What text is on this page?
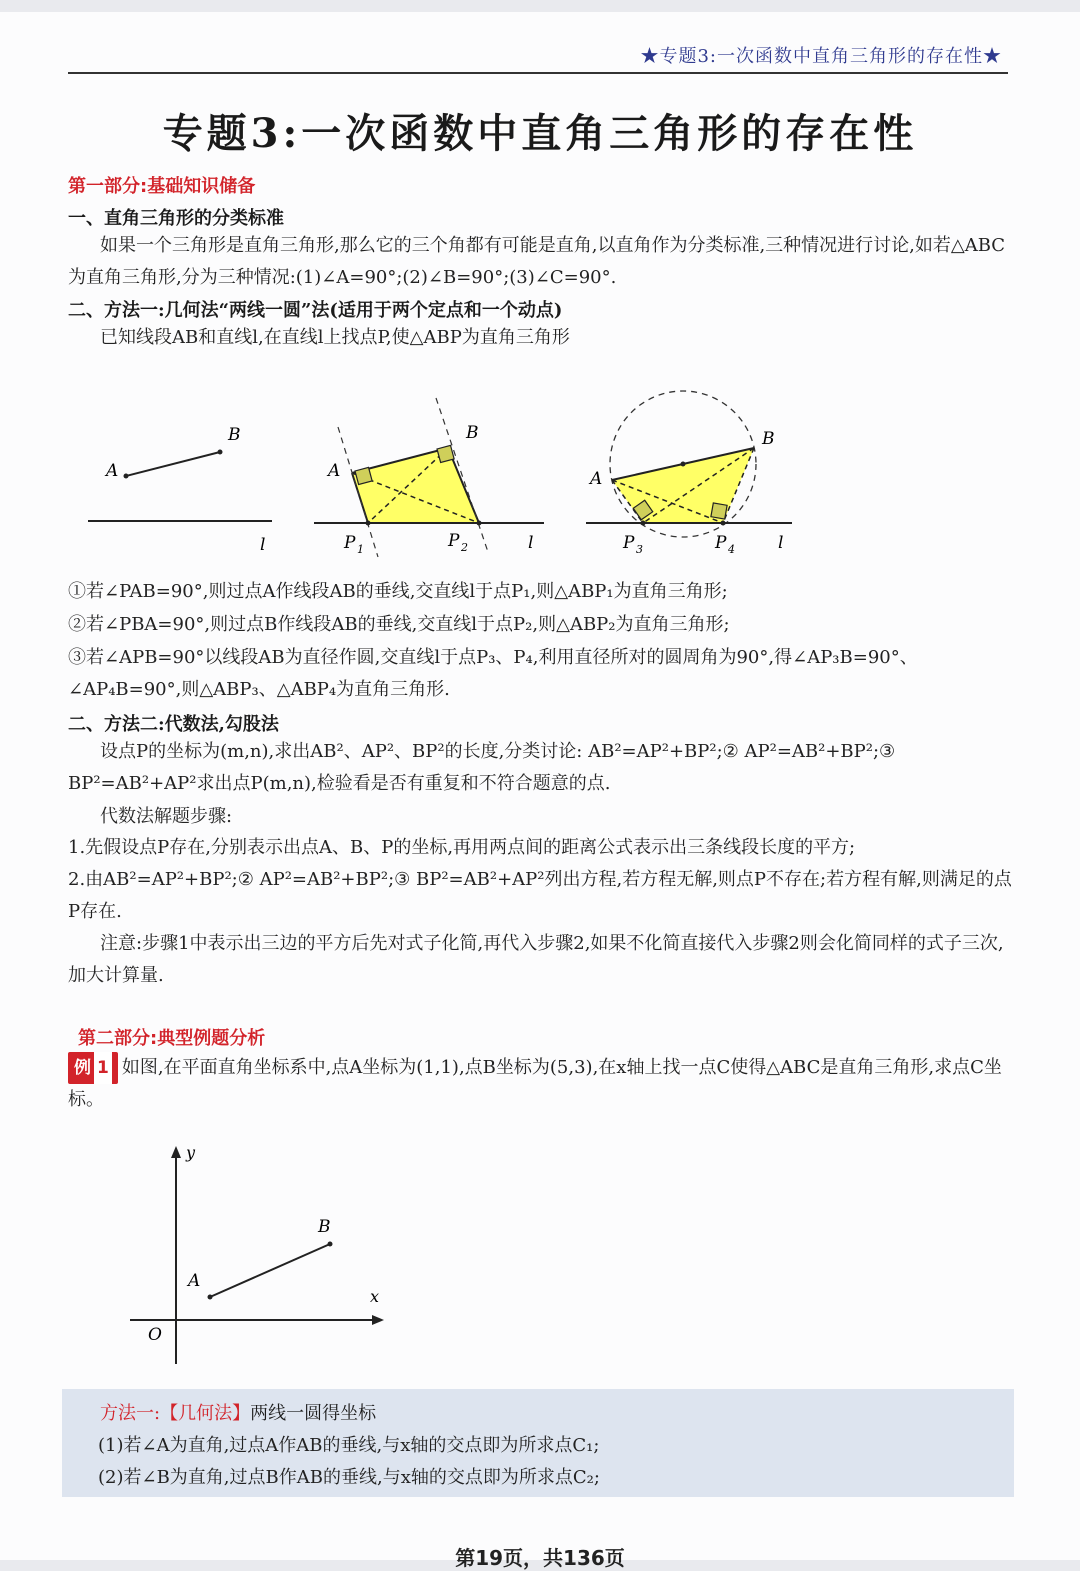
★专题3:一次函数中直角三角形的存在性★
专题3:一次函数中直角三角形的存在性
第一部分:基础知识储备
一、直角三角形的分类标准
如果一个三角形是直角三角形,那么它的三个角都有可能是直角,以直角作为分类标准,三种情况进行讨论,如若△ABC为直角三角形,分为三种情况:(1)∠A=90°;(2)∠B=90°;(3)∠C=90°.
二、方法一:几何法“两线一圆”法(适用于两个定点和一个动点)
已知线段AB和直线l,在直线l上找点P,使△ABP为直角三角形
A
B
l
A
B
P 1	P 2	l
A
B
P 3	P 4	l
①若∠PAB=90°,则过点A作线段AB的垂线,交直线l于点P₁,则△ABP₁为直角三角形;
②若∠PBA=90°,则过点B作线段AB的垂线,交直线l于点P₂,则△ABP₂为直角三角形;
③若∠APB=90°以线段AB为直径作圆,交直线l于点P₃、P₄,利用直径所对的圆周角为90°,得∠AP₃B=90°、∠AP₄B=90°,则△ABP₃、△ABP₄为直角三角形.
二、方法二:代数法,勾股法
设点P的坐标为(m,n),求出AB²、AP²、BP²的长度,分类讨论: AB²=AP²+BP²;② AP²=AB²+BP²;③ BP²=AB²+AP²求出点P(m,n),检验看是否有重复和不符合题意的点.
代数法解题步骤:
1.先假设点P存在,分别表示出点A、B、P的坐标,再用两点间的距离公式表示出三条线段长度的平方;
2.由AB²=AP²+BP²;② AP²=AB²+BP²;③ BP²=AB²+AP²列出方程,若方程无解,则点P不存在;若方程有解,则满足的点P存在.
注意:步骤1中表示出三边的平方后先对式子化简,再代入步骤2,如果不化简直接代入步骤2则会化简同样的式子三次,加大计算量.
第二部分:典型例题分析
例 1 如图,在平面直角坐标系中,点A坐标为(1,1),点B坐标为(5,3),在x轴上找一点C使得△ABC是直角三角形,求点C坐标。
y
x
O
A
B
方法一:【几何法】两线一圆得坐标
(1)若∠A为直角,过点A作AB的垂线,与x轴的交点即为所求点C₁;
(2)若∠B为直角,过点B作AB的垂线,与x轴的交点即为所求点C₂;
第19页，共136页
